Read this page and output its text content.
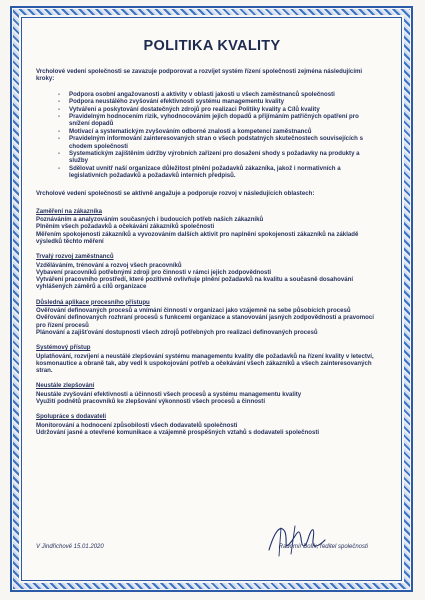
POLITIKA KVALITY

Vrcholové vedení společnosti se zavazuje podporovat a rozvíjet systém řízení společnosti zejména následujícími kroky:

- Podpora osobní angažovanosti a aktivity v oblasti jakosti u všech zaměstnanců společnosti
- Podpora neustálého zvyšování efektivnosti systému managementu kvality
- Vytváření a poskytování dostatečných zdrojů pro realizaci Politiky kvality a Cílů kvality
- Pravidelným hodnocením rizik, vyhodnocováním jejich dopadů a přijímáním patřičných opatření pro snížení dopadů
- Motivací a systematickým zvyšováním odborné znalosti a kompetencí zaměstnanců
- Pravidelným informování zainteresovaných stran o všech podstatných skutečnostech souvisejících s chodem společnosti
- Systematickým zajištěním údržby výrobních zařízení pro dosažení shody s požadavky na produkty a služby
- Sdělovat uvnitř naší organizace důležitost plnění požadavků zákazníka, jakož i normativních a legislativních požadavků a požadavků interních předpisů.

Vrcholové vedení společnosti se aktivně angažuje a podporuje rozvoj v následujících oblastech:

Zaměření na zákazníka
Poznáváním a analyzováním současných i budoucích potřeb našich zákazníků
Plněním všech požadavků a očekávání zákazníků společnosti
Měřením spokojenosti zákazníků a vyvozováním dalších aktivit pro naplnění spokojenosti zákazníků na základě výsledků těchto měření
Trvalý rozvoj zaměstnanců
Vzděláváním, trénování a rozvoj všech pracovníků
Vybavení pracovníků potřebnými zdroji pro činnosti v rámci jejich zodpovědnosti
Vytváření pracovního prostředí, které pozitivně ovlivňuje plnění požadavků na kvalitu a současně dosahování vyhlášených záměrů a cílů organizace
Důsledná aplikace procesního přístupu
Ověřování definovaných procesů a vnímání činností v organizaci jako vzájemně na sebe působících procesů
Ověřování definovaných rozhraní procesů s funkcemi organizace a stanovování jasných zodpovědností a pravomocí pro řízení procesů
Plánování a zajišťování dostupnosti všech zdrojů potřebných pro realizaci definovaných procesů
Systémový přístup
Uplatňování, rozvíjení a neustálé zlepšování systému managementu kvality dle požadavků na řízení kvality v letectví, kosmonautice a obraně tak, aby vedl k uspokojování potřeb a očekávání všech zákazníků a všech zainteresovaných stran.
Neustále zlepšování
Neustále zvyšování efektivnosti a účinnosti všech procesů a systému managementu kvality
Využití podnětů pracovníků ke zlepšování výkonnosti všech procesů a činností
Spolupráce s dodavateli
Monitorování a hodnocení způsobilosti všech dodavatelů společnosti
Udržování jasné a otevřené komunikace a vzájemně prospěšných vztahů s dodavateli společnosti
V Jindřichově 15.01.2020	Radomír Bolík, ředitel společnosti
